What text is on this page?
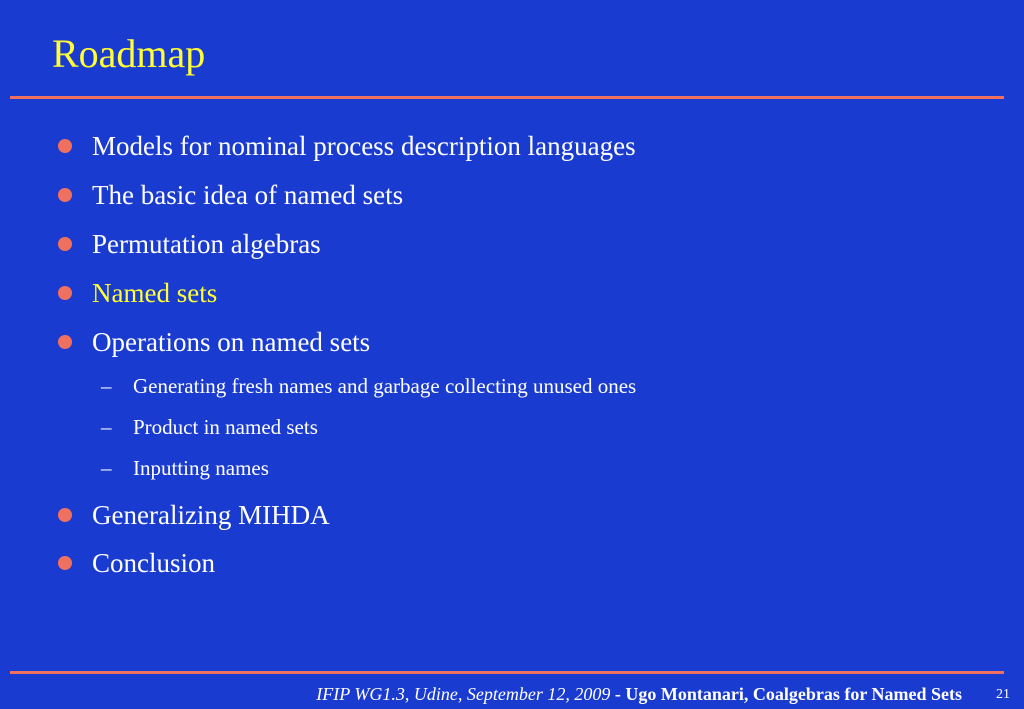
Roadmap
Models for nominal process description languages
The basic idea of named sets
Permutation algebras
Named sets
Operations on named sets
–	Generating fresh names and garbage collecting unused ones
–	Product in named sets
–	Inputting names
Generalizing MIHDA
Conclusion
IFIP WG1.3, Udine, September 12, 2009 - Ugo Montanari, Coalgebras for Named Sets 21
